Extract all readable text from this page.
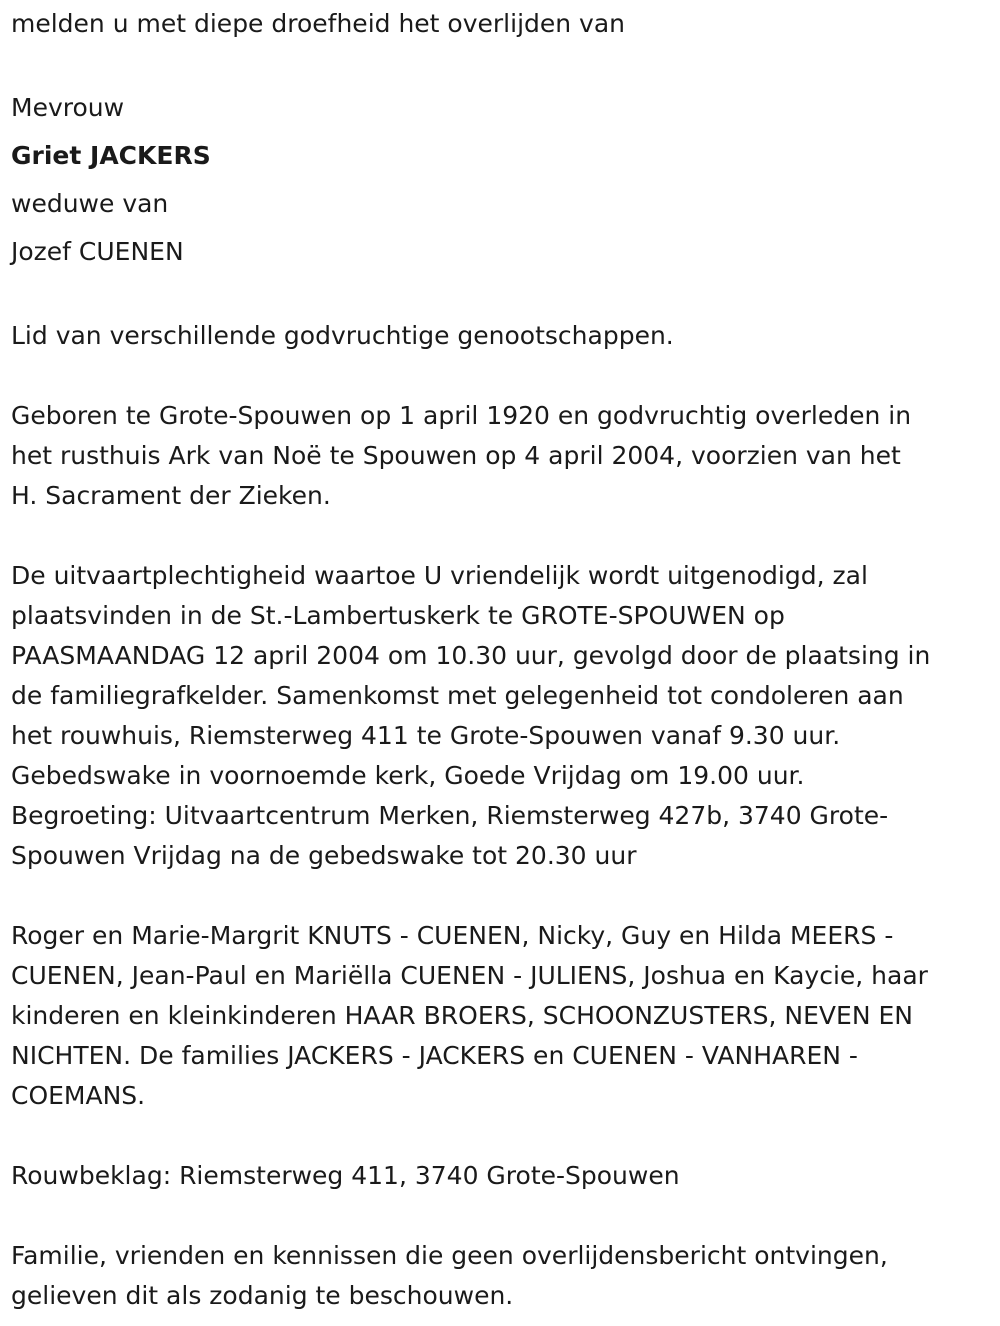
melden u met diepe droefheid het overlijden van
Mevrouw
Griet JACKERS
weduwe van
Jozef CUENEN
Lid van verschillende godvruchtige genootschappen.
Geboren te Grote-Spouwen op 1 april 1920 en godvruchtig overleden in
het rusthuis Ark van Noë te Spouwen op 4 april 2004, voorzien van het
H. Sacrament der Zieken.
De uitvaartplechtigheid waartoe U vriendelijk wordt uitgenodigd, zal
plaatsvinden in de St.-Lambertuskerk te GROTE-SPOUWEN op
PAASMAANDAG 12 april 2004 om 10.30 uur, gevolgd door de plaatsing in
de familiegrafkelder. Samenkomst met gelegenheid tot condoleren aan
het rouwhuis, Riemsterweg 411 te Grote-Spouwen vanaf 9.30 uur.
Gebedswake in voornoemde kerk, Goede Vrijdag om 19.00 uur.
Begroeting: Uitvaartcentrum Merken, Riemsterweg 427b, 3740 Grote-
Spouwen Vrijdag na de gebedswake tot 20.30 uur
Roger en Marie-Margrit KNUTS - CUENEN, Nicky, Guy en Hilda MEERS -
CUENEN, Jean-Paul en Mariëlla CUENEN - JULIENS, Joshua en Kaycie, haar
kinderen en kleinkinderen HAAR BROERS, SCHOONZUSTERS, NEVEN EN
NICHTEN. De families JACKERS - JACKERS en CUENEN - VANHAREN -
COEMANS.
Rouwbeklag: Riemsterweg 411, 3740 Grote-Spouwen
Familie, vrienden en kennissen die geen overlijdensbericht ontvingen,
gelieven dit als zodanig te beschouwen.
